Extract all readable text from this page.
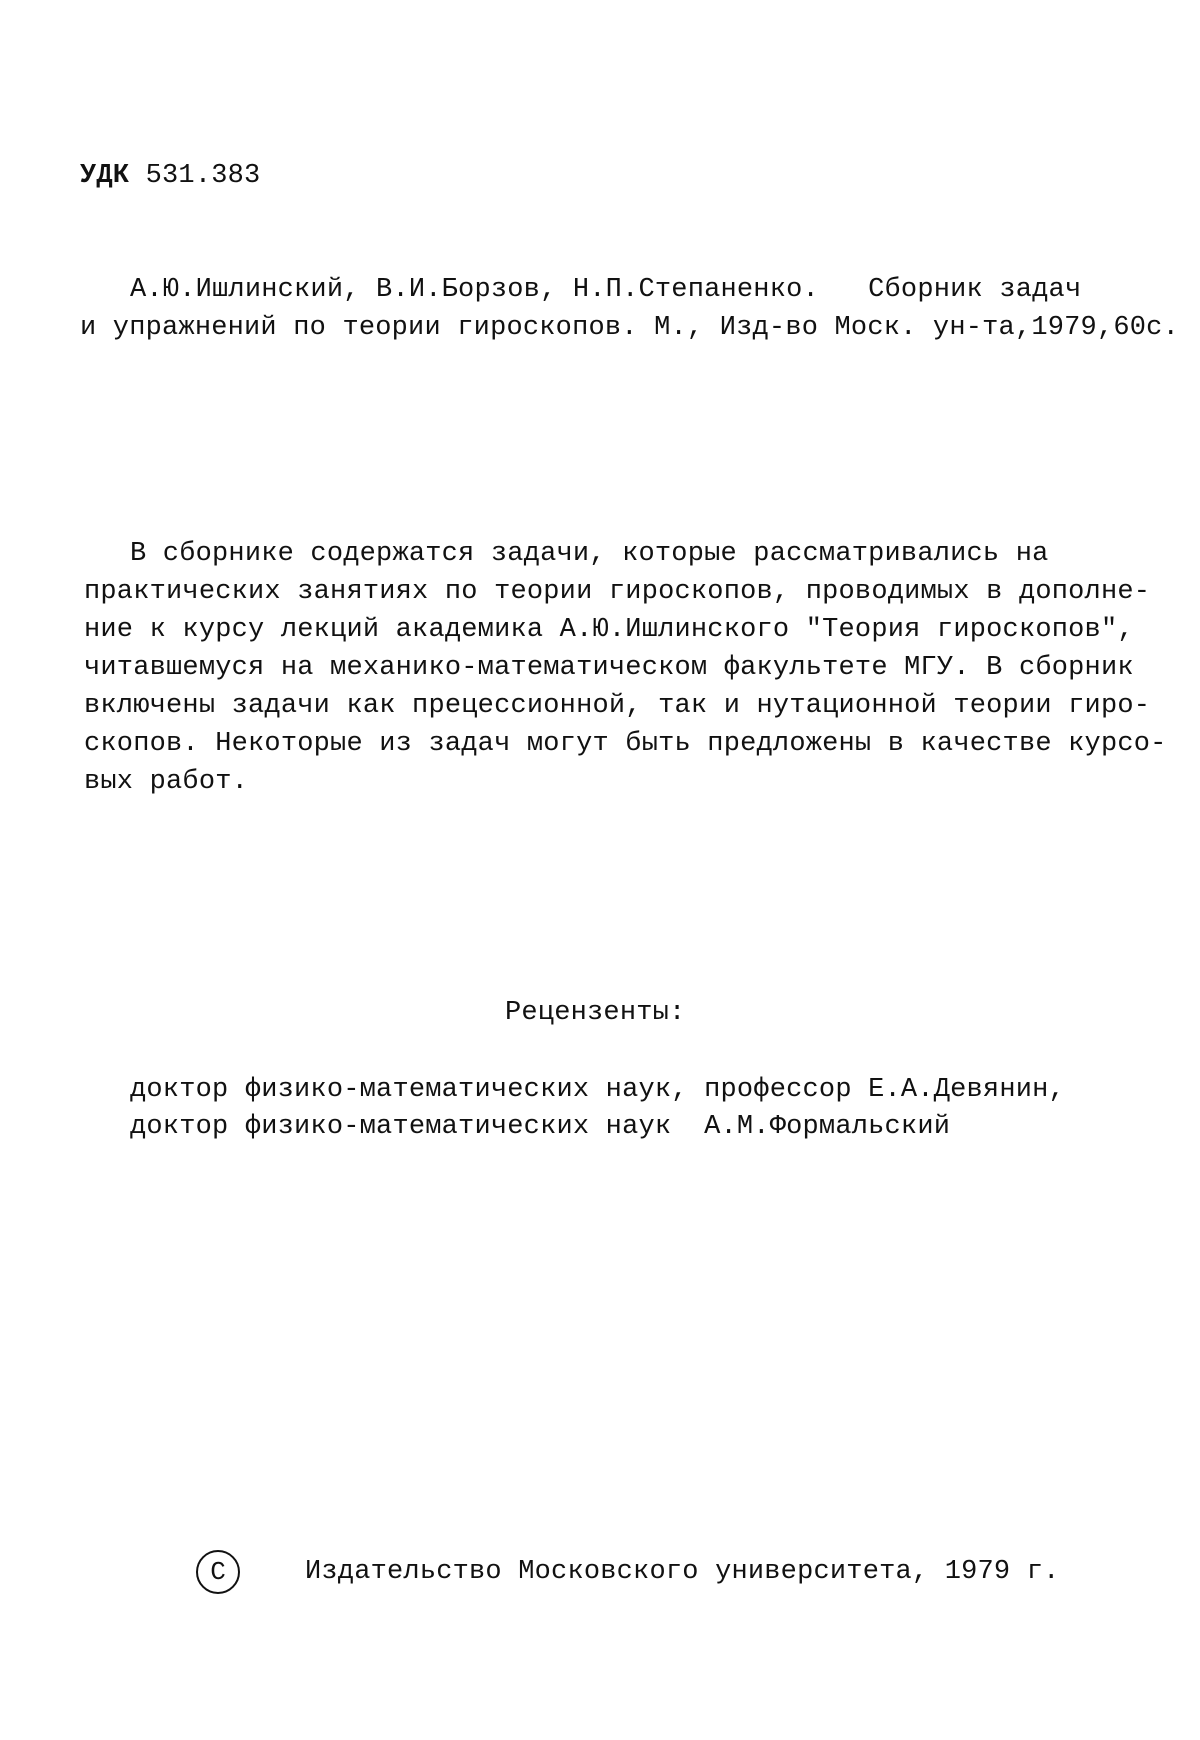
УДК 531.383
А.Ю.Ишлинский, В.И.Борзов, Н.П.Степаненко.   Сборник задач
и упражнений по теории гироскопов. М., Изд-во Моск. ун-та,1979,60с.
В сборнике содержатся задачи, которые рассматривались на
практических занятиях по теории гироскопов, проводимых в дополне-
ние к курсу лекций академика А.Ю.Ишлинского "Теория гироскопов",
читавшемуся на механико-математическом факультете МГУ. В сборник
включены задачи как прецессионной, так и нутационной теории гиро-
скопов. Некоторые из задач могут быть предложены в качестве курсо-
вых работ.
Рецензенты:
доктор физико-математических наук, профессор Е.А.Девянин,
доктор физико-математических наук  А.М.Формальский
С	Издательство Московского университета, 1979 г.
